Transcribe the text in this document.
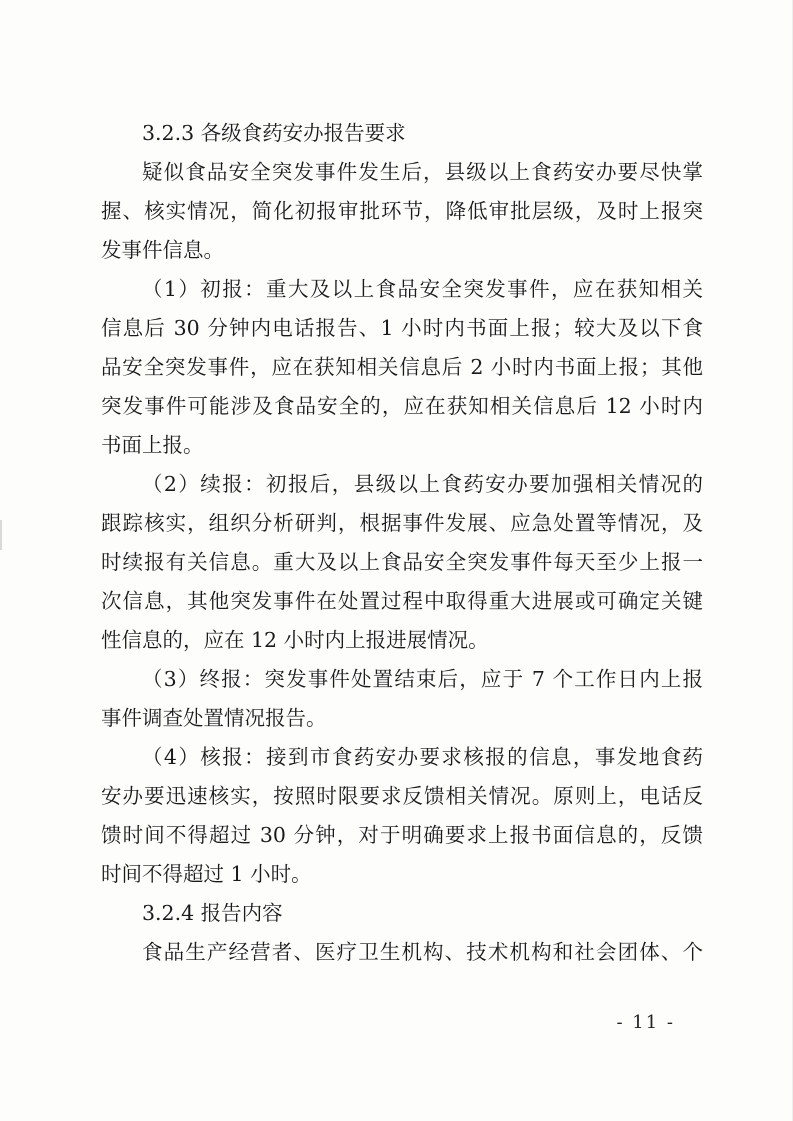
3.2.3 各级食药安办报告要求
疑似食品安全突发事件发生后，县级以上食药安办要尽快掌
握、核实情况，简化初报审批环节，降低审批层级，及时上报突
发事件信息。
（1）初报：重大及以上食品安全突发事件，应在获知相关
信息后 30 分钟内电话报告、1 小时内书面上报；较大及以下食
品安全突发事件，应在获知相关信息后 2 小时内书面上报；其他
突发事件可能涉及食品安全的，应在获知相关信息后 12 小时内
书面上报。
（2）续报：初报后，县级以上食药安办要加强相关情况的
跟踪核实，组织分析研判，根据事件发展、应急处置等情况，及
时续报有关信息。重大及以上食品安全突发事件每天至少上报一
次信息，其他突发事件在处置过程中取得重大进展或可确定关键
性信息的，应在 12 小时内上报进展情况。
（3）终报：突发事件处置结束后，应于 7 个工作日内上报
事件调查处置情况报告。
（4）核报：接到市食药安办要求核报的信息，事发地食药
安办要迅速核实，按照时限要求反馈相关情况。原则上，电话反
馈时间不得超过 30 分钟，对于明确要求上报书面信息的，反馈
时间不得超过 1 小时。
3.2.4 报告内容
食品生产经营者、医疗卫生机构、技术机构和社会团体、个
- 11 -
